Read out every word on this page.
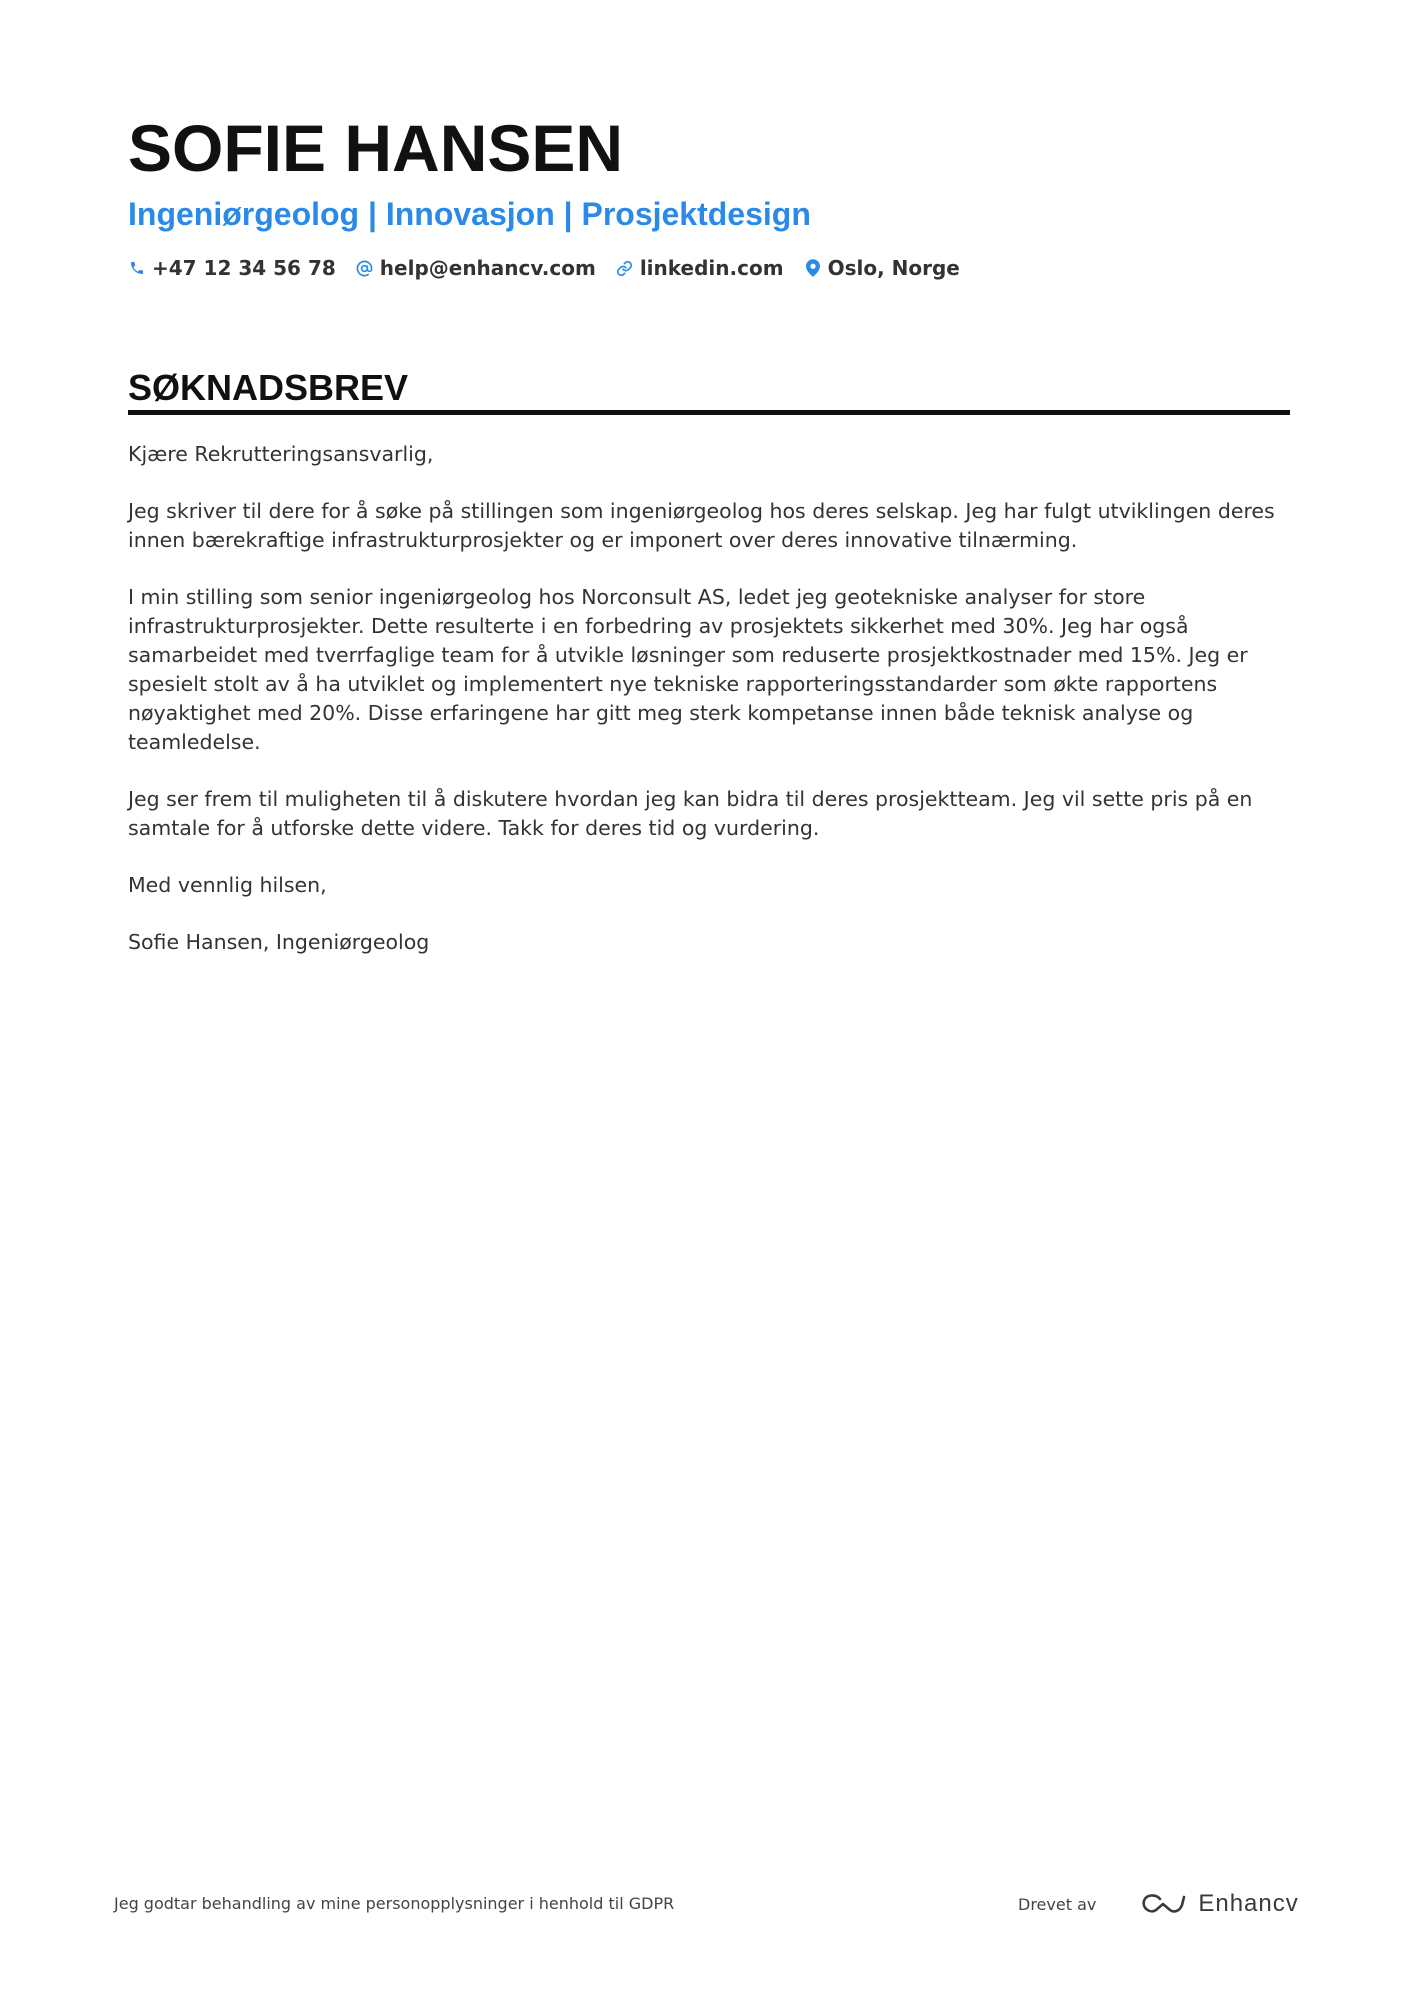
SOFIE HANSEN
Ingeniørgeolog | Innovasjon | Prosjektdesign
+47 12 34 56 78 help@enhancv.com linkedin.com Oslo, Norge
SØKNADSBREV

Kjære Rekrutteringsansvarlig,

Jeg skriver til dere for å søke på stillingen som ingeniørgeolog hos deres selskap. Jeg har fulgt utviklingen deres innen bærekraftige infrastrukturprosjekter og er imponert over deres innovative tilnærming.

I min stilling som senior ingeniørgeolog hos Norconsult AS, ledet jeg geotekniske analyser for store infrastrukturprosjekter. Dette resulterte i en forbedring av prosjektets sikkerhet med 30%. Jeg har også samarbeidet med tverrfaglige team for å utvikle løsninger som reduserte prosjektkostnader med 15%. Jeg er spesielt stolt av å ha utviklet og implementert nye tekniske rapporteringsstandarder som økte rapportens nøyaktighet med 20%. Disse erfaringene har gitt meg sterk kompetanse innen både teknisk analyse og teamledelse.

Jeg ser frem til muligheten til å diskutere hvordan jeg kan bidra til deres prosjektteam. Jeg vil sette pris på en samtale for å utforske dette videre. Takk for deres tid og vurdering.

Med vennlig hilsen,

Sofie Hansen, Ingeniørgeolog

Jeg godtar behandling av mine personopplysninger i henhold til GDPR	Drevet av	Enhancv
